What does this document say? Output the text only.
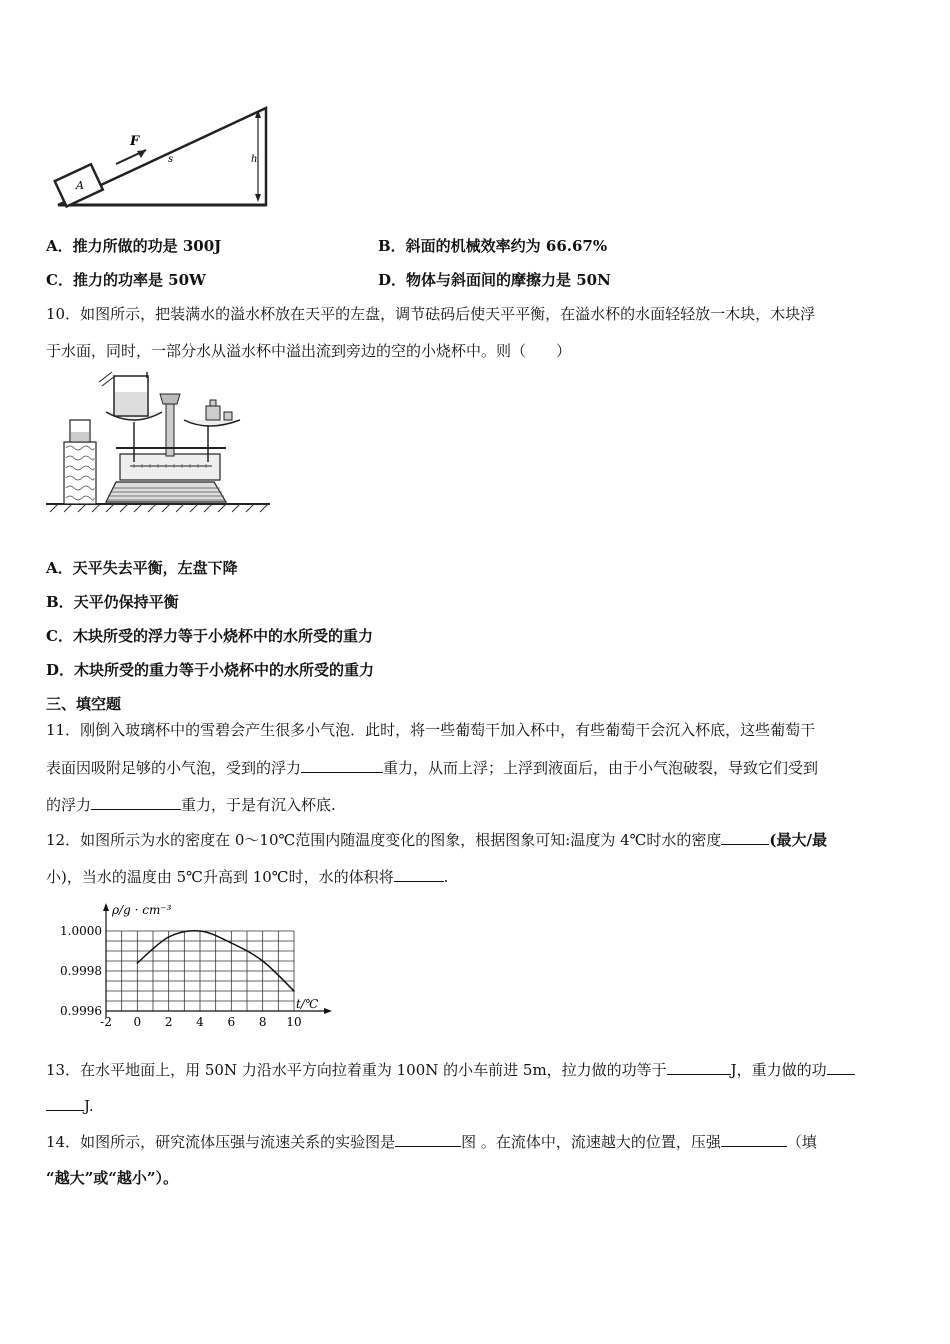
A
F
s	h
A．推力所做的功是 300J	B．斜面的机械效率约为 66.67%
C．推力的功率是 50W	D．物体与斜面间的摩擦力是 50N
10．如图所示，把装满水的溢水杯放在天平的左盘，调节砝码后使天平平衡，在溢水杯的水面轻轻放一木块，木块浮
于水面，同时，一部分水从溢水杯中溢出流到旁边的空的小烧杯中。则（　　）
A．天平失去平衡，左盘下降
B．天平仍保持平衡
C．木块所受的浮力等于小烧杯中的水所受的重力
D．木块所受的重力等于小烧杯中的水所受的重力
三、填空题
11．刚倒入玻璃杯中的雪碧会产生很多小气泡．此时，将一些葡萄干加入杯中，有些葡萄干会沉入杯底，这些葡萄干
表面因吸附足够的小气泡，受到的浮力	重力，从而上浮；上浮到液面后，由于小气泡破裂，导致它们受到
的浮力	重力，于是有沉入杯底.
12．如图所示为水的密度在 0～10℃范围内随温度变化的图象，根据图象可知:温度为 4℃时水的密度	(最大/最
小)，当水的温度由 5℃升高到 10℃时，水的体积将	.
ρ/g · cm⁻³
t/℃
-2 0 2 4 6 8 10
1.0000
0.9998
0.9996
13．在水平地面上，用 50N 力沿水平方向拉着重为 100N 的小车前进 5m，拉力做的功等于	J，重力做的功
J.
14．如图所示，研究流体压强与流速关系的实验图是	图 。在流体中，流速越大的位置，压强	（填
“越大”或“越小”）。
